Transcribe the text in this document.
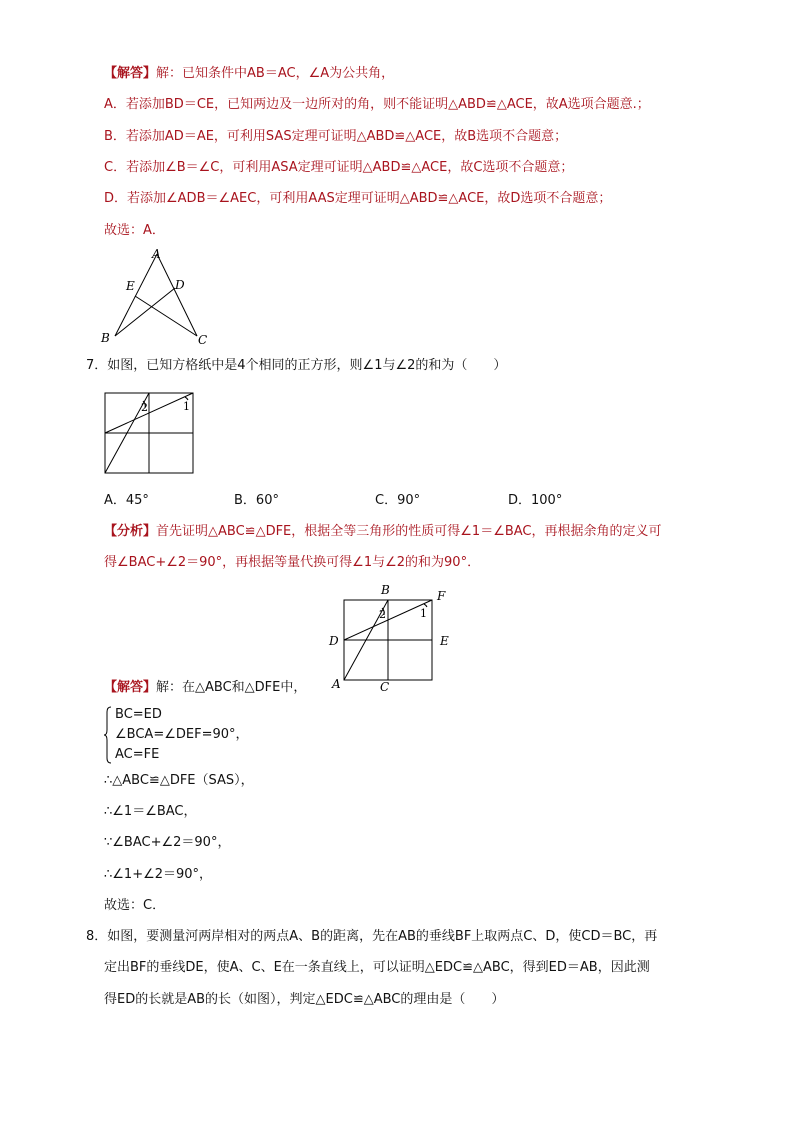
【解答】解：已知条件中AB＝AC，∠A为公共角，
A．若添加BD＝CE，已知两边及一边所对的角，则不能证明△ABD≌△ACE，故A选项合题意.；
B．若添加AD＝AE，可利用SAS定理可证明△ABD≌△ACE，故B选项不合题意；
C．若添加∠B＝∠C，可利用ASA定理可证明△ABD≌△ACE，故C选项不合题意；
D．若添加∠ADB＝∠AEC，可利用AAS定理可证明△ABD≌△ACE，故D选项不合题意；
故选：A．
A
E	D
B	C
7．如图，已知方格纸中是4个相同的正方形，则∠1与∠2的和为（　　）
2	1
A．45°	B．60°	C．90°	D．100°
【分析】首先证明△ABC≌△DFE，根据全等三角形的性质可得∠1＝∠BAC，再根据余角的定义可
得∠BAC+∠2＝90°，再根据等量代换可得∠1与∠2的和为90°．
B	F
D	E
A	C
2	1
【解答】解：在△ABC和△DFE中，
BC=ED
∠BCA=∠DEF=90°，
AC=FE
∴△ABC≌△DFE（SAS），
∴∠1＝∠BAC，
∵∠BAC+∠2＝90°，
∴∠1+∠2＝90°，
故选：C．
8．如图，要测量河两岸相对的两点A、B的距离，先在AB的垂线BF上取两点C、D，使CD＝BC，再
定出BF的垂线DE，使A、C、E在一条直线上，可以证明△EDC≌△ABC，得到ED＝AB，因此测
得ED的长就是AB的长（如图），判定△EDC≌△ABC的理由是（　　）
